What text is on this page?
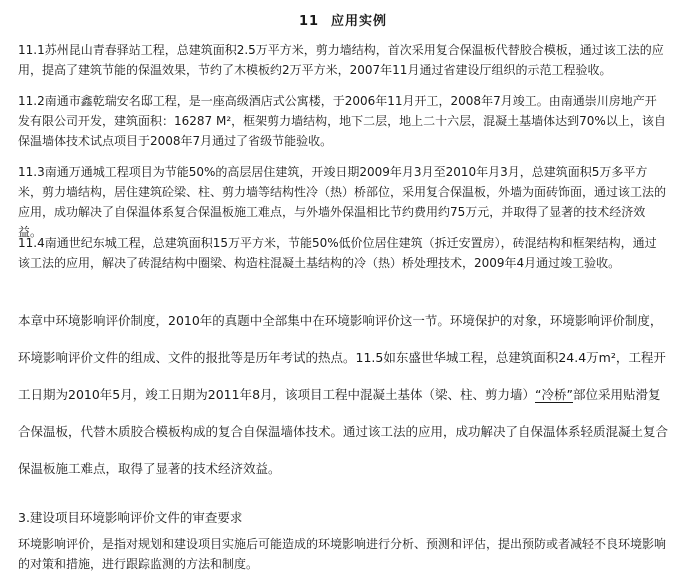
11 应用实例

11.1苏州昆山青春驿站工程，总建筑面积2.5万平方米，剪力墙结构，首次采用复合保温板代替胶合模板，通过该工法的应用，提高了建筑节能的保温效果，节约了木模板约2万平方米，2007年11月通过省建设厅组织的示范工程验收。

11.2南通市鑫乾瑞安名邸工程，是一座高级酒店式公寓楼，于2006年11月开工，2008年7月竣工。由南通崇川房地产开发有限公司开发，建筑面积：16287 M²，框架剪力墙结构，地下二层，地上二十六层，混凝土基墙体达到70%以上，该自保温墙体技术试点项目于2008年7月通过了省级节能验收。

11.3南通万通城工程项目为节能50%的高层居住建筑，开竣日期2009年月3月至2010年月3月，总建筑面积5万多平方米，剪力墙结构，居住建筑砼梁、柱、剪力墙等结构性冷（热）桥部位，采用复合保温板，外墙为面砖饰面，通过该工法的应用，成功解决了自保温体系复合保温板施工难点，与外墙外保温相比节约费用约75万元，并取得了显著的技术经济效益。

11.4南通世纪东城工程，总建筑面积15万平方米，节能50%低价位居住建筑（拆迁安置房），砖混结构和框架结构，通过该工法的应用，解决了砖混结构中圈梁、构造柱混凝土基结构的冷（热）桥处理技术，2009年4月通过竣工验收。

本章中环境影响评价制度，2010年的真题中全部集中在环境影响评价这一节。环境保护的对象，环境影响评价制度，环境影响评价文件的组成、文件的报批等是历年考试的热点。11.5如东盛世华城工程，总建筑面积24.4万m²，工程开工日期为2010年5月，竣工日期为2011年8月，该项目工程中混凝土基体（梁、柱、剪力墙）“冷桥”部位采用贴滑复合保温板，代替木质胶合模板构成的复合自保温墙体技术。通过该工法的应用，成功解决了自保温体系轻质混凝土复合保温板施工难点，取得了显著的技术经济效益。

3.建设项目环境影响评价文件的审查要求

环境影响评价，是指对规划和建设项目实施后可能造成的环境影响进行分析、预测和评估，提出预防或者减轻不良环境影响的对策和措施，进行跟踪监测的方法和制度。
